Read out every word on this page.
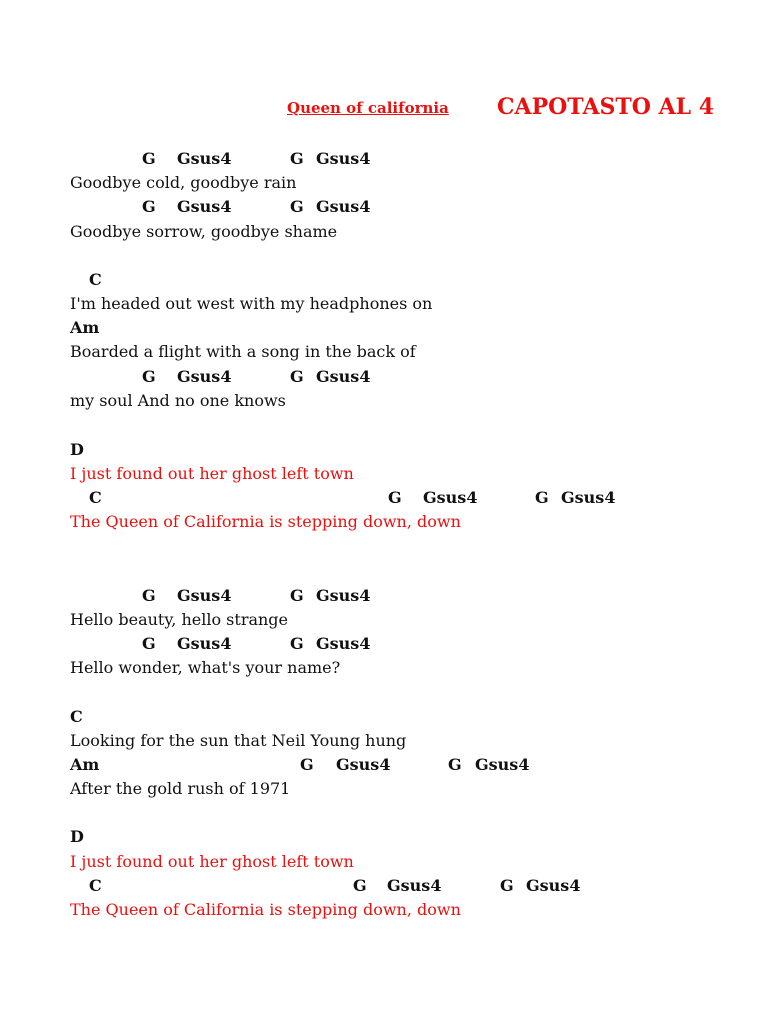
Queen of california CAPOTASTO AL 4
G Gsus4	G Gsus4
Goodbye cold, goodbye rain
G Gsus4	G Gsus4
Goodbye sorrow, goodbye shame
C
I'm headed out west with my headphones on
Am
Boarded a flight with a song in the back of
G Gsus4	G Gsus4
my soul And no one knows
D
I just found out her ghost left town
C	G Gsus4	G Gsus4
The Queen of California is stepping down, down
G Gsus4	G Gsus4
Hello beauty, hello strange
G Gsus4	G Gsus4
Hello wonder, what's your name?
C
Looking for the sun that Neil Young hung
Am	G Gsus4	G Gsus4
After the gold rush of 1971
D
I just found out her ghost left town
C	G Gsus4	G Gsus4
The Queen of California is stepping down, down
